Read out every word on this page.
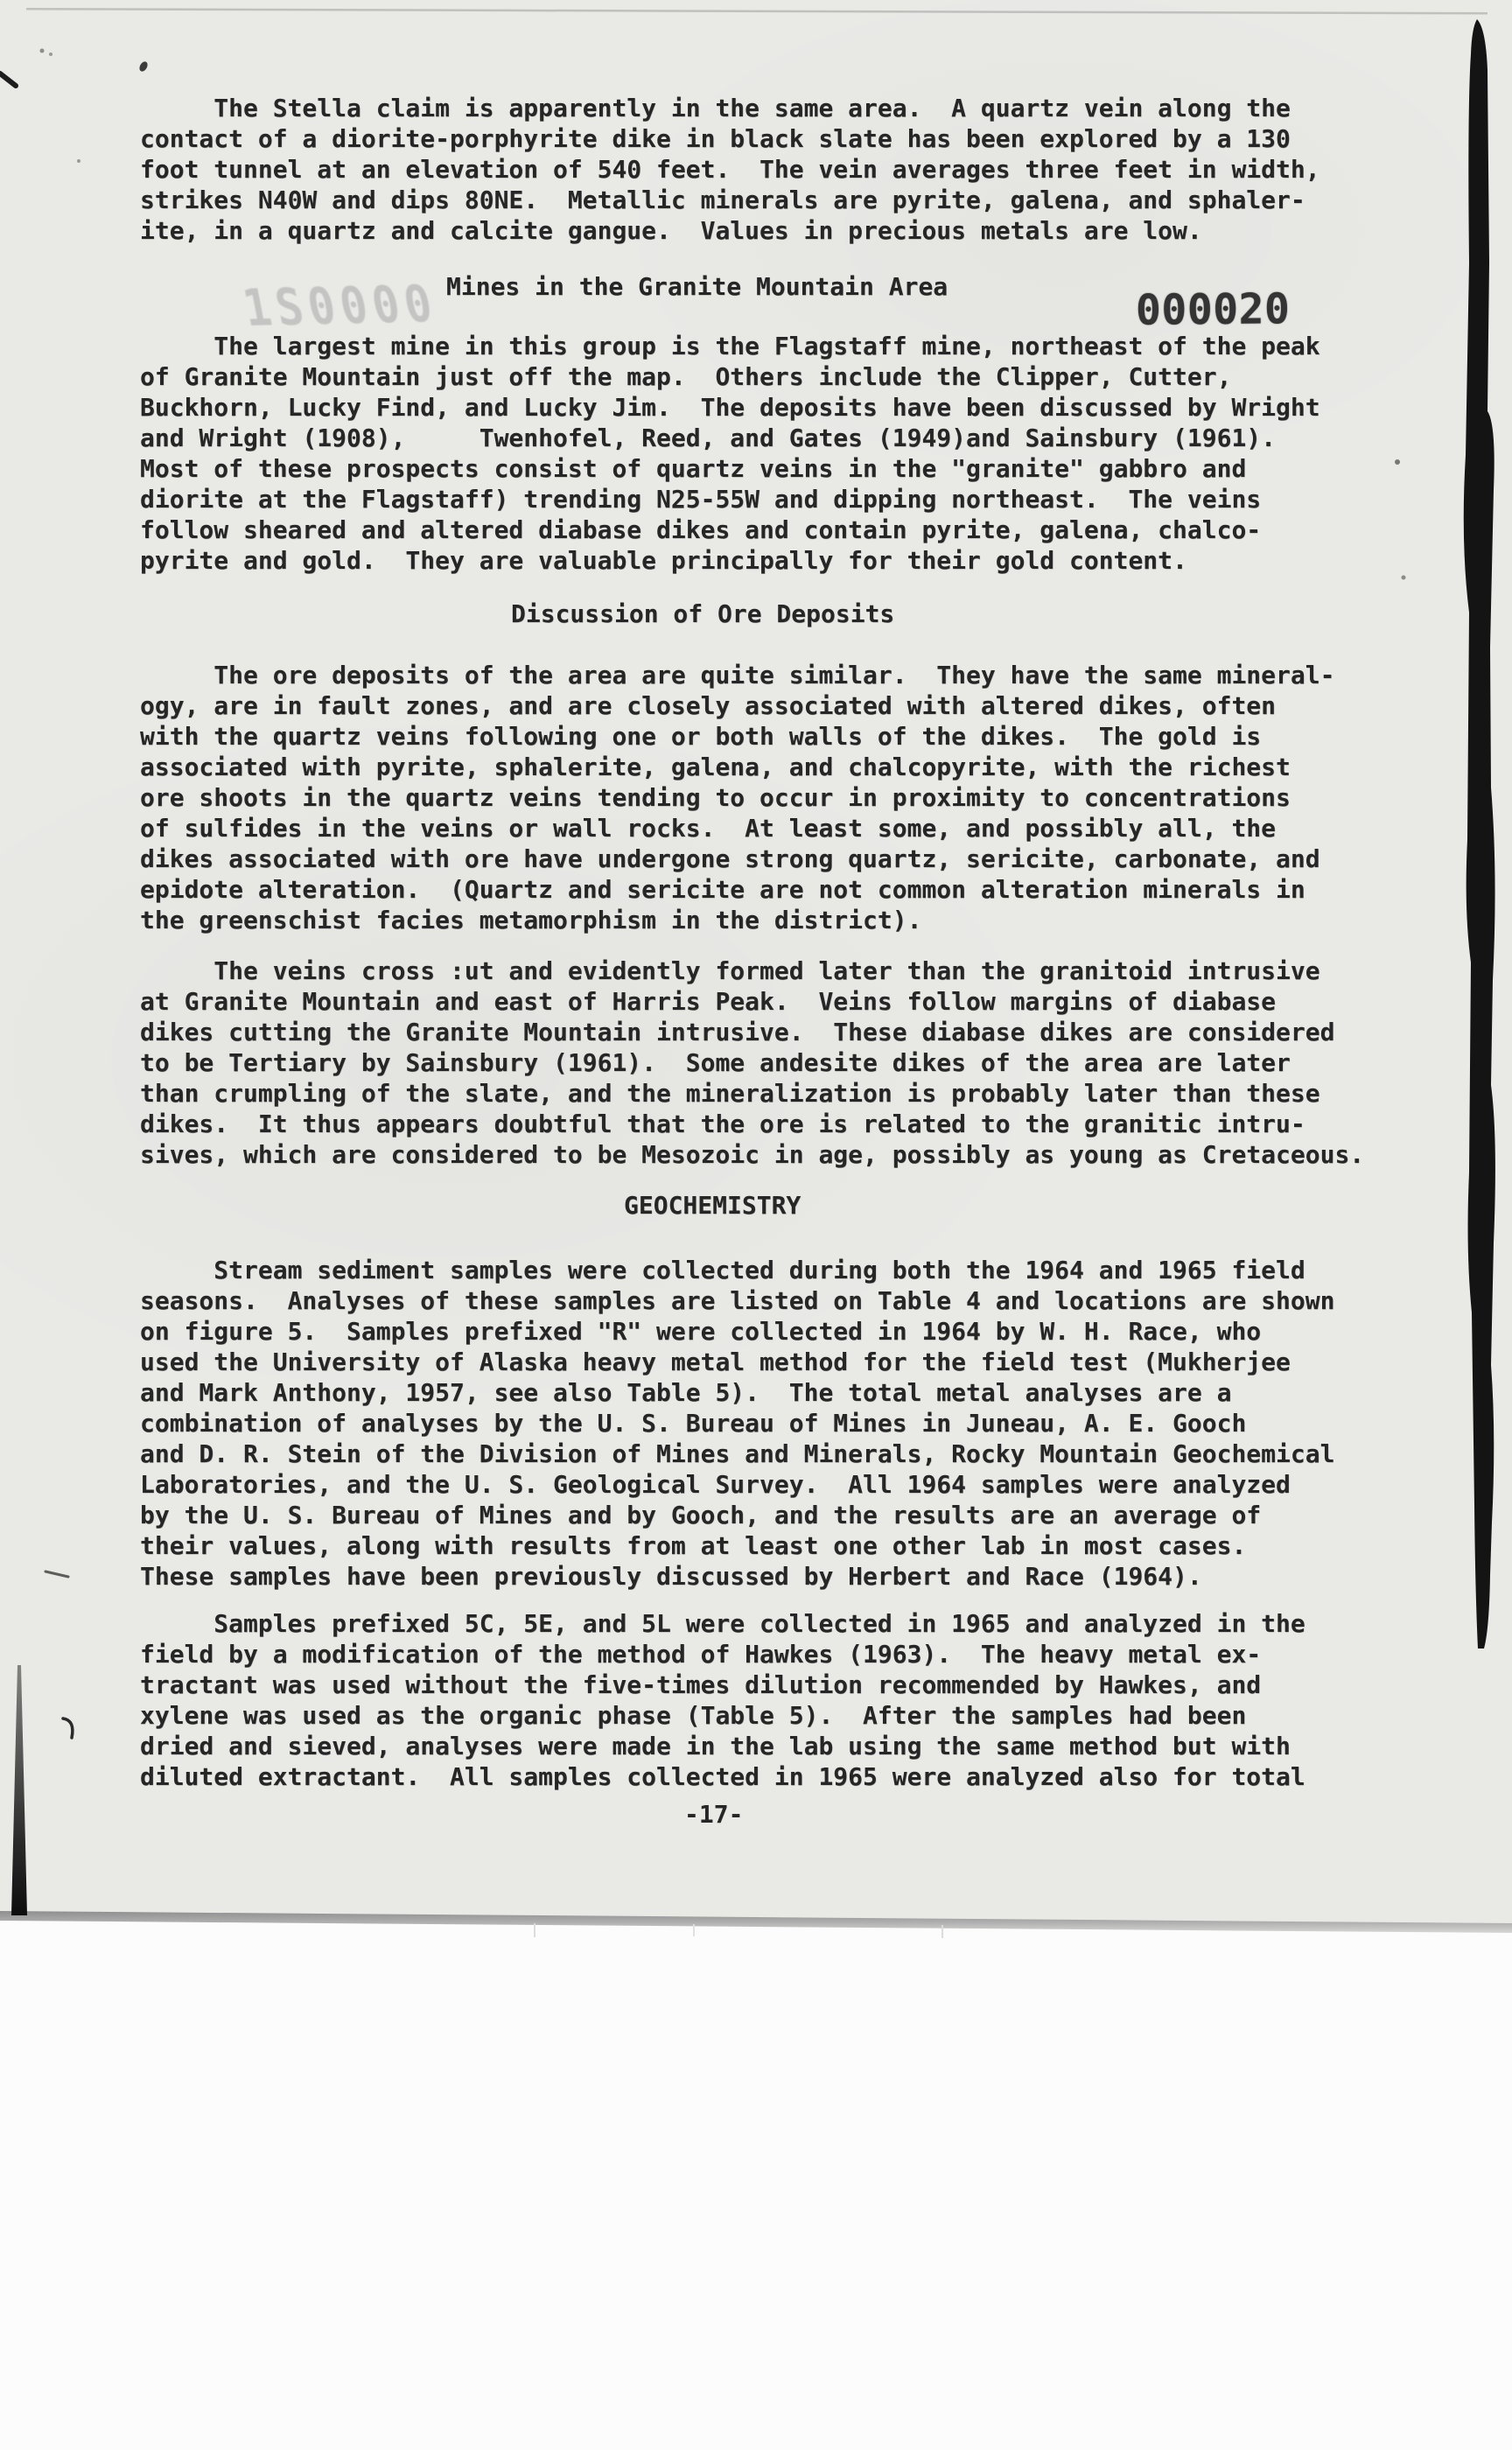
1S0000	000020
The Stella claim is apparently in the same area.  A quartz vein along the
contact of a diorite-porphyrite dike in black slate has been explored by a 130
foot tunnel at an elevation of 540 feet.  The vein averages three feet in width,
strikes N40W and dips 80NE.  Metallic minerals are pyrite, galena, and sphaler-
ite, in a quartz and calcite gangue.  Values in precious metals are low.
Mines in the Granite Mountain Area
The largest mine in this group is the Flagstaff mine, northeast of the peak
of Granite Mountain just off the map.  Others include the Clipper, Cutter,
Buckhorn, Lucky Find, and Lucky Jim.  The deposits have been discussed by Wright
and Wright (1908),     Twenhofel, Reed, and Gates (1949)and Sainsbury (1961).
Most of these prospects consist of quartz veins in the "granite" gabbro and
diorite at the Flagstaff) trending N25-55W and dipping northeast.  The veins
follow sheared and altered diabase dikes and contain pyrite, galena, chalco-
pyrite and gold.  They are valuable principally for their gold content.
Discussion of Ore Deposits
The ore deposits of the area are quite similar.  They have the same mineral-
ogy, are in fault zones, and are closely associated with altered dikes, often
with the quartz veins following one or both walls of the dikes.  The gold is
associated with pyrite, sphalerite, galena, and chalcopyrite, with the richest
ore shoots in the quartz veins tending to occur in proximity to concentrations
of sulfides in the veins or wall rocks.  At least some, and possibly all, the
dikes associated with ore have undergone strong quartz, sericite, carbonate, and
epidote alteration.  (Quartz and sericite are not common alteration minerals in
the greenschist facies metamorphism in the district).
The veins cross :ut and evidently formed later than the granitoid intrusive
at Granite Mountain and east of Harris Peak.  Veins follow margins of diabase
dikes cutting the Granite Mountain intrusive.  These diabase dikes are considered
to be Tertiary by Sainsbury (1961).  Some andesite dikes of the area are later
than crumpling of the slate, and the mineralization is probably later than these
dikes.  It thus appears doubtful that the ore is related to the granitic intru-
sives, which are considered to be Mesozoic in age, possibly as young as Cretaceous.
GEOCHEMISTRY
Stream sediment samples were collected during both the 1964 and 1965 field
seasons.  Analyses of these samples are listed on Table 4 and locations are shown
on figure 5.  Samples prefixed "R" were collected in 1964 by W. H. Race, who
used the University of Alaska heavy metal method for the field test (Mukherjee
and Mark Anthony, 1957, see also Table 5).  The total metal analyses are a
combination of analyses by the U. S. Bureau of Mines in Juneau, A. E. Gooch
and D. R. Stein of the Division of Mines and Minerals, Rocky Mountain Geochemical
Laboratories, and the U. S. Geological Survey.  All 1964 samples were analyzed
by the U. S. Bureau of Mines and by Gooch, and the results are an average of
their values, along with results from at least one other lab in most cases.
These samples have been previously discussed by Herbert and Race (1964).
Samples prefixed 5C, 5E, and 5L were collected in 1965 and analyzed in the
field by a modification of the method of Hawkes (1963).  The heavy metal ex-
tractant was used without the five-times dilution recommended by Hawkes, and
xylene was used as the organic phase (Table 5).  After the samples had been
dried and sieved, analyses were made in the lab using the same method but with
diluted extractant.  All samples collected in 1965 were analyzed also for total
-17-
